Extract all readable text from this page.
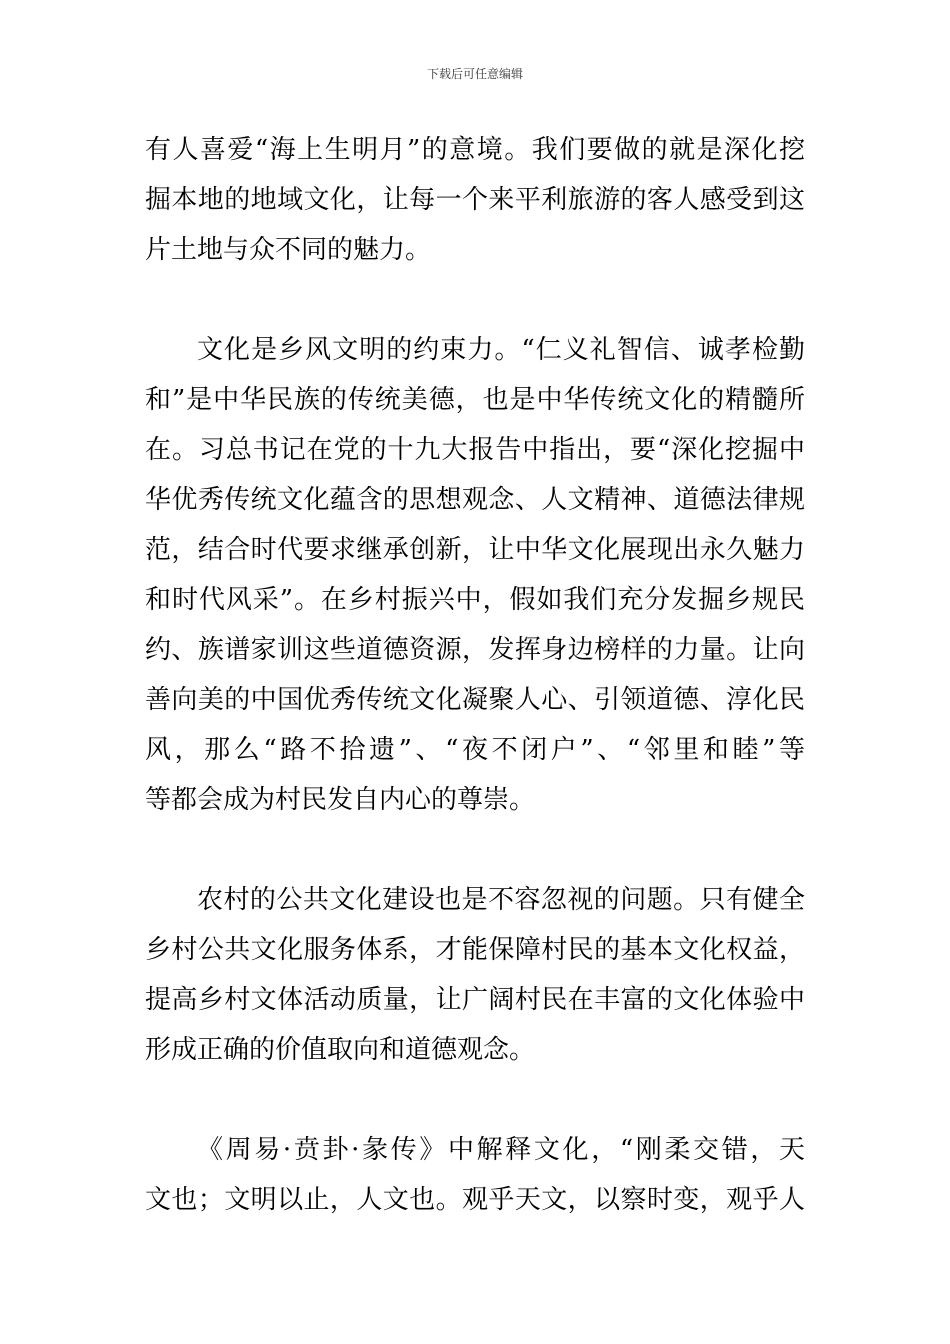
下载后可任意编辑
有人喜爱“海上生明月”的意境。我们要做的就是深化挖
掘本地的地域文化，让每一个来平利旅游的客人感受到这
片土地与众不同的魅力。
文化是乡风文明的约束力。“仁义礼智信、诚孝检勤
和”是中华民族的传统美德，也是中华传统文化的精髓所
在。习总书记在党的十九大报告中指出，要“深化挖掘中
华优秀传统文化蕴含的思想观念、人文精神、道德法律规
范，结合时代要求继承创新，让中华文化展现出永久魅力
和时代风采”。在乡村振兴中，假如我们充分发掘乡规民
约、族谱家训这些道德资源，发挥身边榜样的力量。让向
善向美的中国优秀传统文化凝聚人心、引领道德、淳化民
风，那么“路不拾遗”、“夜不闭户”、“邻里和睦”等
等都会成为村民发自内心的尊崇。
农村的公共文化建设也是不容忽视的问题。只有健全
乡村公共文化服务体系，才能保障村民的基本文化权益，
提高乡村文体活动质量，让广阔村民在丰富的文化体验中
形成正确的价值取向和道德观念。
《周易·贲卦·彖传》中解释文化，“刚柔交错，天
文也；文明以止，人文也。观乎天文，以察时变，观乎人
